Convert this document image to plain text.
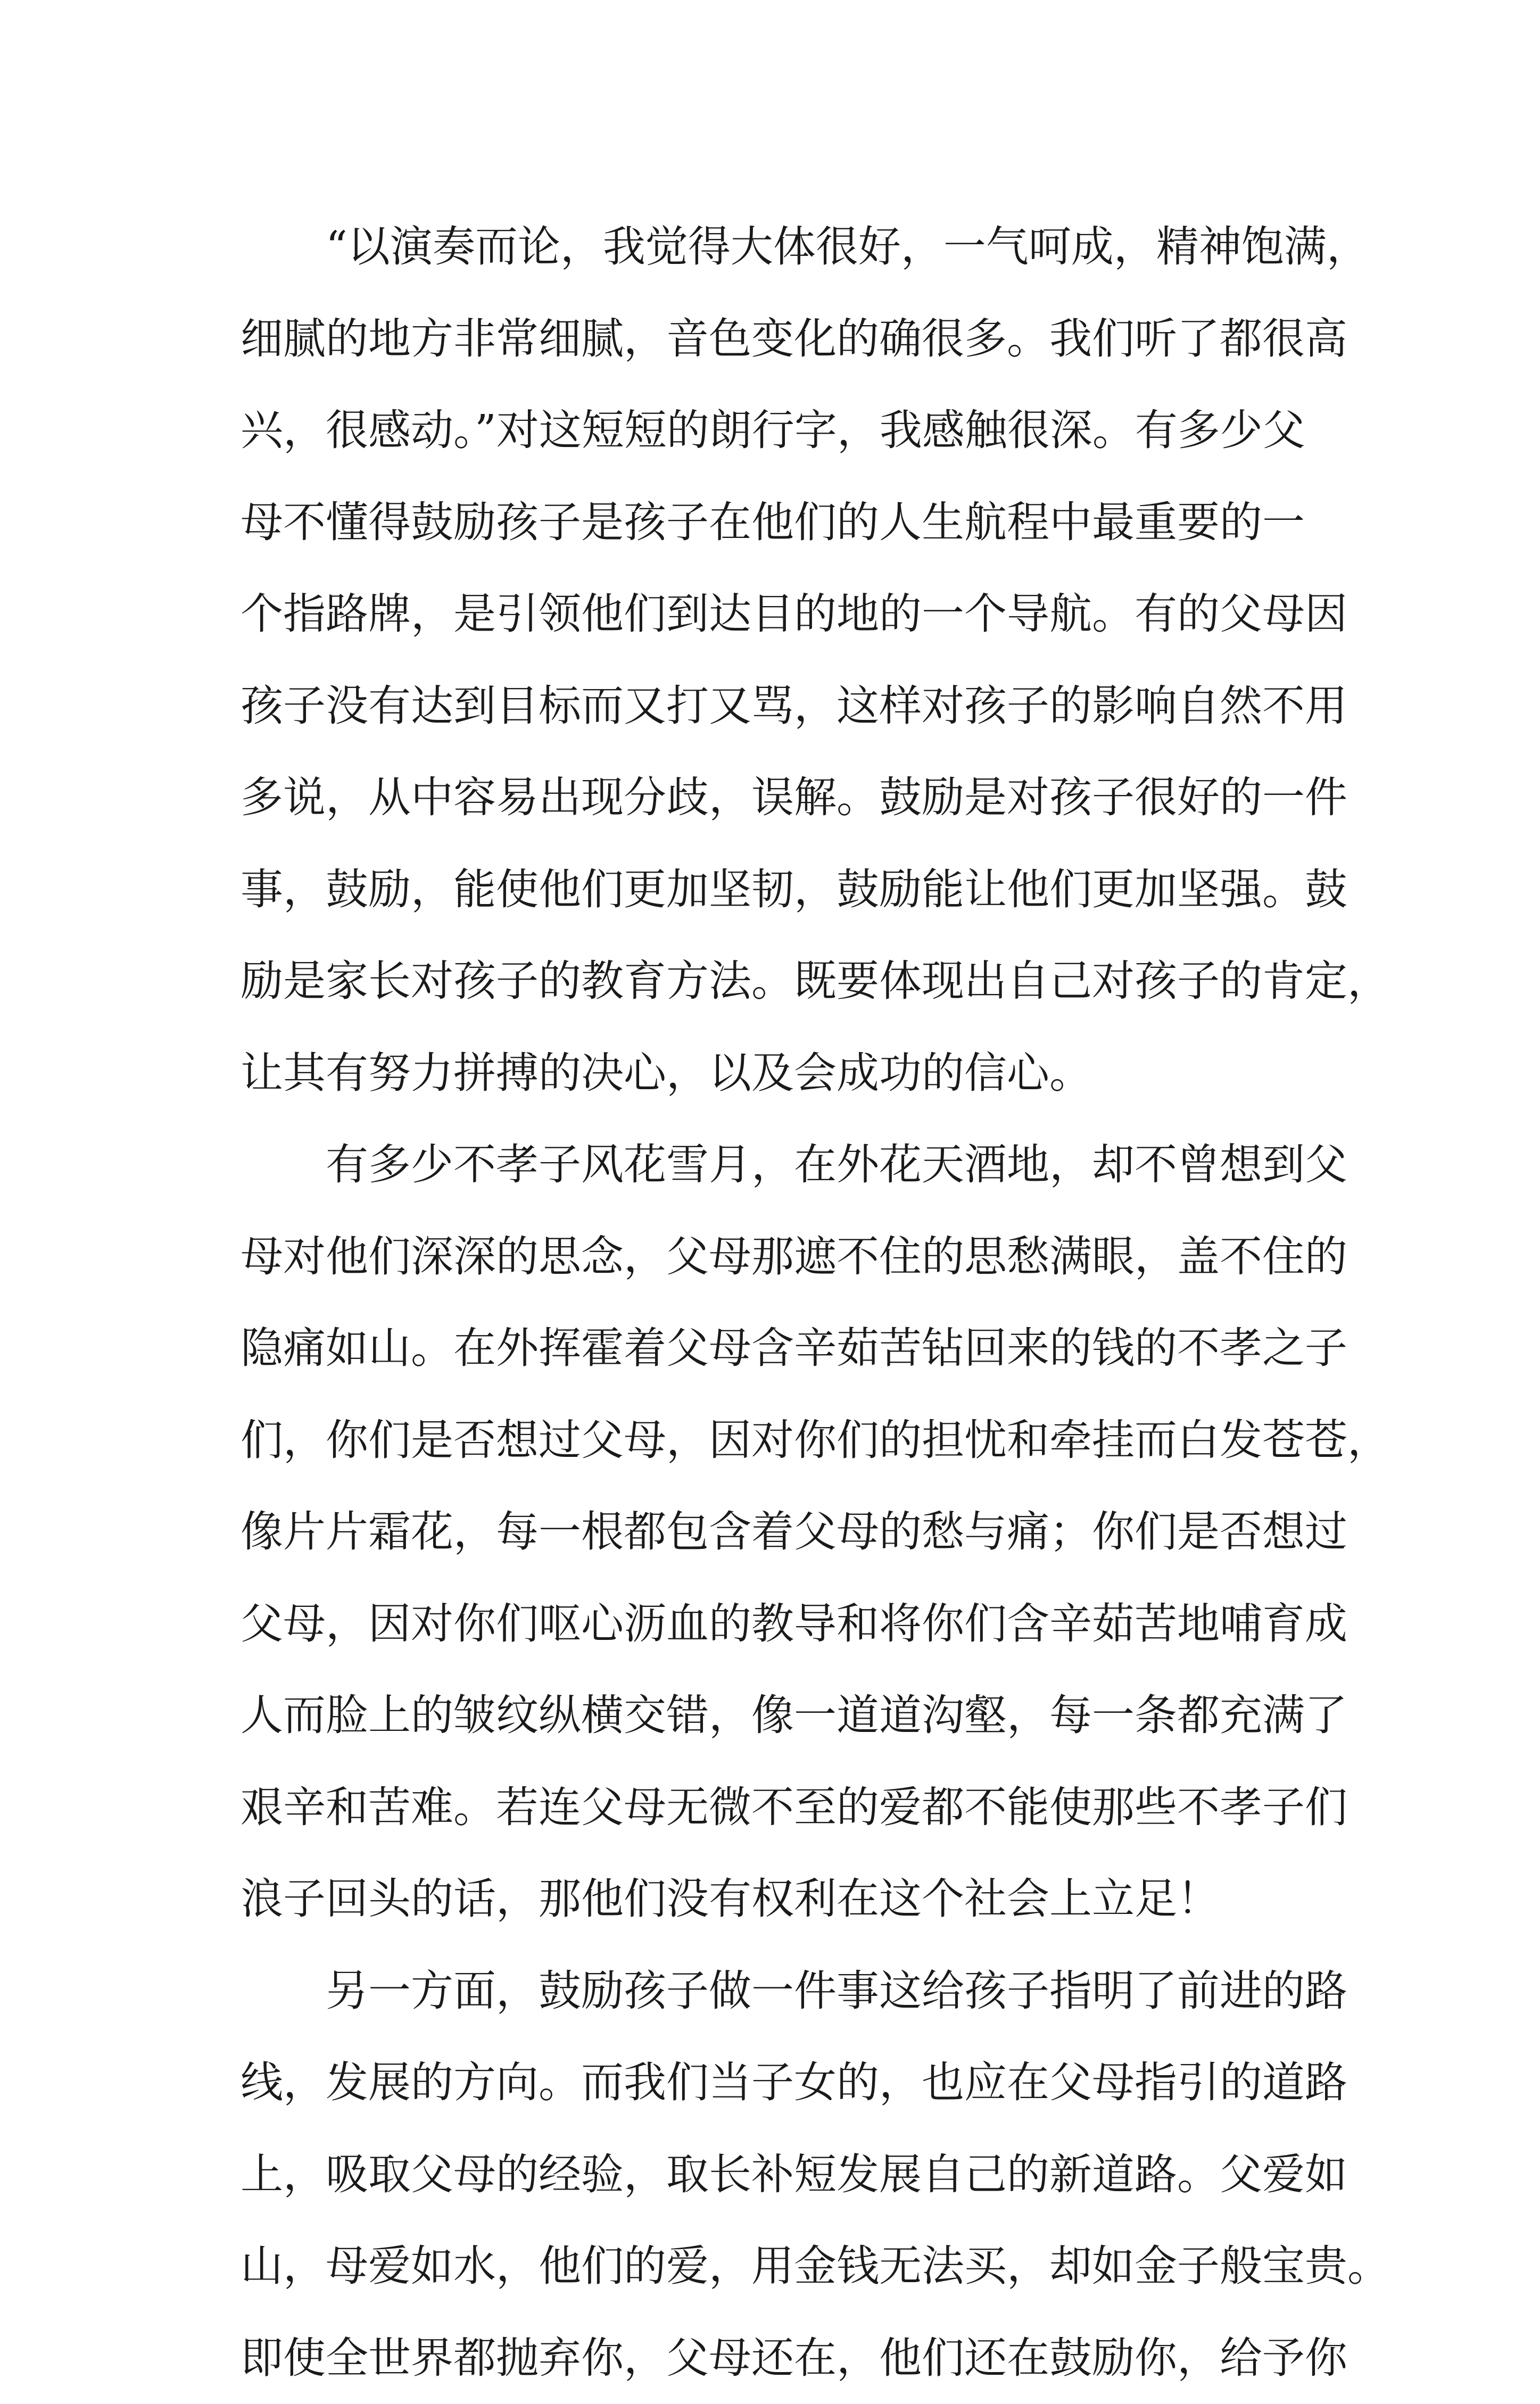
“以演奏而论，我觉得大体很好，一气呵成，精神饱满，
细腻的地方非常细腻，音色变化的确很多。我们听了都很高
兴，很感动。”对这短短的朗行字，我感触很深。有多少父
母不懂得鼓励孩子是孩子在他们的人生航程中最重要的一
个指路牌，是引领他们到达目的地的一个导航。有的父母因
孩子没有达到目标而又打又骂，这样对孩子的影响自然不用
多说，从中容易出现分歧，误解。鼓励是对孩子很好的一件
事，鼓励，能使他们更加坚韧，鼓励能让他们更加坚强。鼓
励是家长对孩子的教育方法。既要体现出自己对孩子的肯定，
让其有努力拼搏的决心，以及会成功的信心。
有多少不孝子风花雪月，在外花天酒地，却不曾想到父
母对他们深深的思念，父母那遮不住的思愁满眼，盖不住的
隐痛如山。在外挥霍着父母含辛茹苦钻回来的钱的不孝之子
们，你们是否想过父母，因对你们的担忧和牵挂而白发苍苍，
像片片霜花，每一根都包含着父母的愁与痛；你们是否想过
父母，因对你们呕心沥血的教导和将你们含辛茹苦地哺育成
人而脸上的皱纹纵横交错，像一道道沟壑，每一条都充满了
艰辛和苦难。若连父母无微不至的爱都不能使那些不孝子们
浪子回头的话，那他们没有权利在这个社会上立足！
另一方面，鼓励孩子做一件事这给孩子指明了前进的路
线，发展的方向。而我们当子女的，也应在父母指引的道路
上，吸取父母的经验，取长补短发展自己的新道路。父爱如
山，母爱如水，他们的爱，用金钱无法买，却如金子般宝贵。
即使全世界都抛弃你，父母还在，他们还在鼓励你，给予你
